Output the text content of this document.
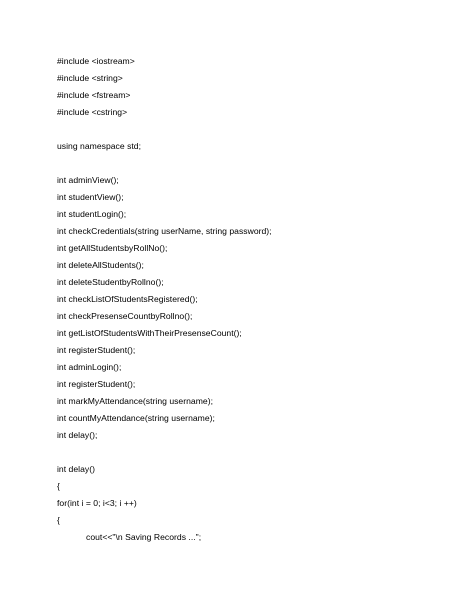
#include <iostream>
#include <string>
#include <fstream>
#include <cstring>
using namespace std;
int adminView();
int studentView();
int studentLogin();
int checkCredentials(string userName, string password);
int getAllStudentsbyRollNo();
int deleteAllStudents();
int deleteStudentbyRollno();
int checkListOfStudentsRegistered();
int checkPresenseCountbyRollno();
int getListOfStudentsWithTheirPresenseCount();
int registerStudent();
int adminLogin();
int registerStudent();
int markMyAttendance(string username);
int countMyAttendance(string username);
int delay();
int delay()
{
for(int i = 0; i<3; i ++)
{
cout<<"\n Saving Records ...";
